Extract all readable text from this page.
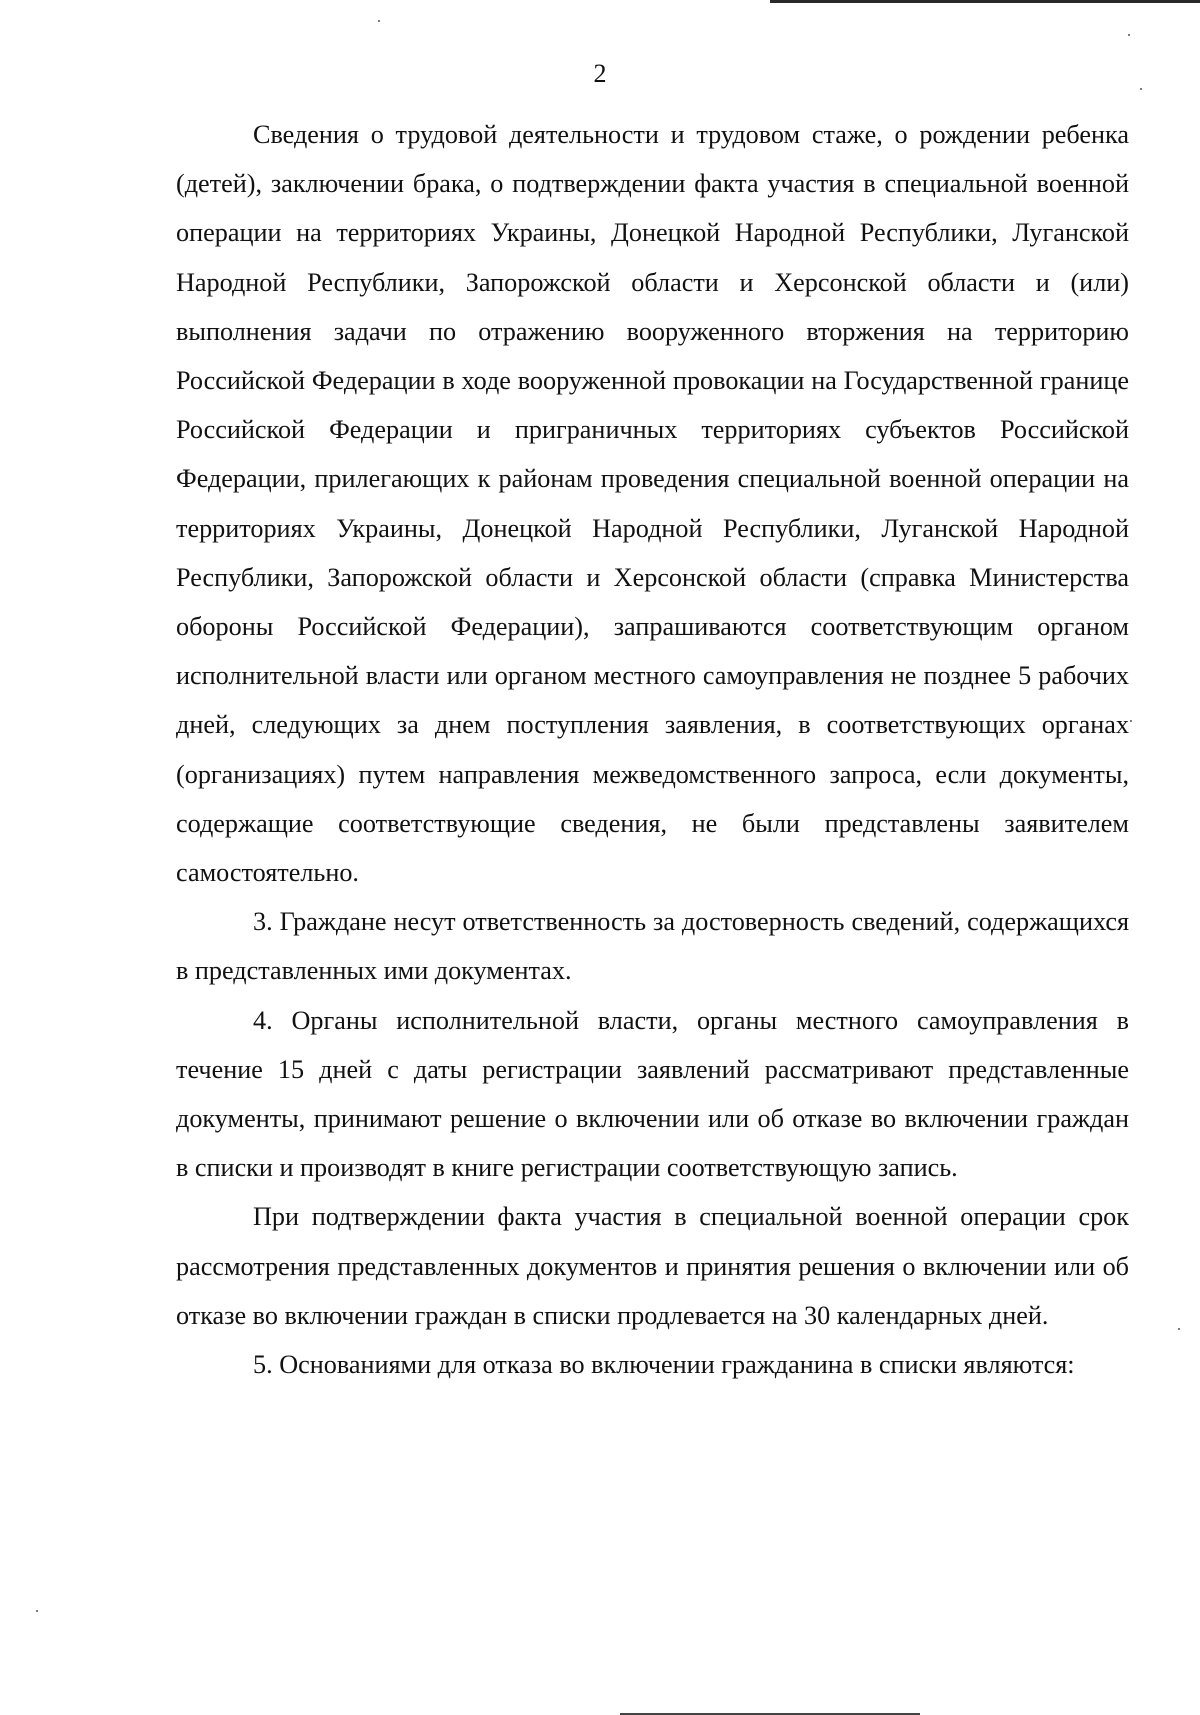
2

Сведения о трудовой деятельности и трудовом стаже, о рождении ребенка (детей), заключении брака, о подтверждении факта участия в специальной военной операции на территориях Украины, Донецкой Народной Республики, Луганской Народной Республики, Запорожской области и Херсонской области и (или) выполнения задачи по отражению вооруженного вторжения на территорию Российской Федерации в ходе вооруженной провокации на Государственной границе Российской Федерации и приграничных территориях субъектов Российской Федерации, прилегающих к районам проведения специальной военной операции на территориях Украины, Донецкой Народной Республики, Луганской Народной Республики, Запорожской области и Херсонской области (справка Министерства обороны Российской Федерации), запрашиваются соответствующим органом исполнительной власти или органом местного самоуправления не позднее 5 рабочих дней, следующих за днем поступления заявления, в соответствующих органах (организациях) путем направления межведомственного запроса, если документы, содержащие соответствующие сведения, не были представлены заявителем самостоятельно.

3. Граждане несут ответственность за достоверность сведений, содержащихся в представленных ими документах.

4. Органы исполнительной власти, органы местного самоуправления в течение 15 дней с даты регистрации заявлений рассматривают представленные документы, принимают решение о включении или об отказе во включении граждан в списки и производят в книге регистрации соответствующую запись.

При подтверждении факта участия в специальной военной операции срок рассмотрения представленных документов и принятия решения о включении или об отказе во включении граждан в списки продлевается на 30 календарных дней.

5. Основаниями для отказа во включении гражданина в списки являются:
